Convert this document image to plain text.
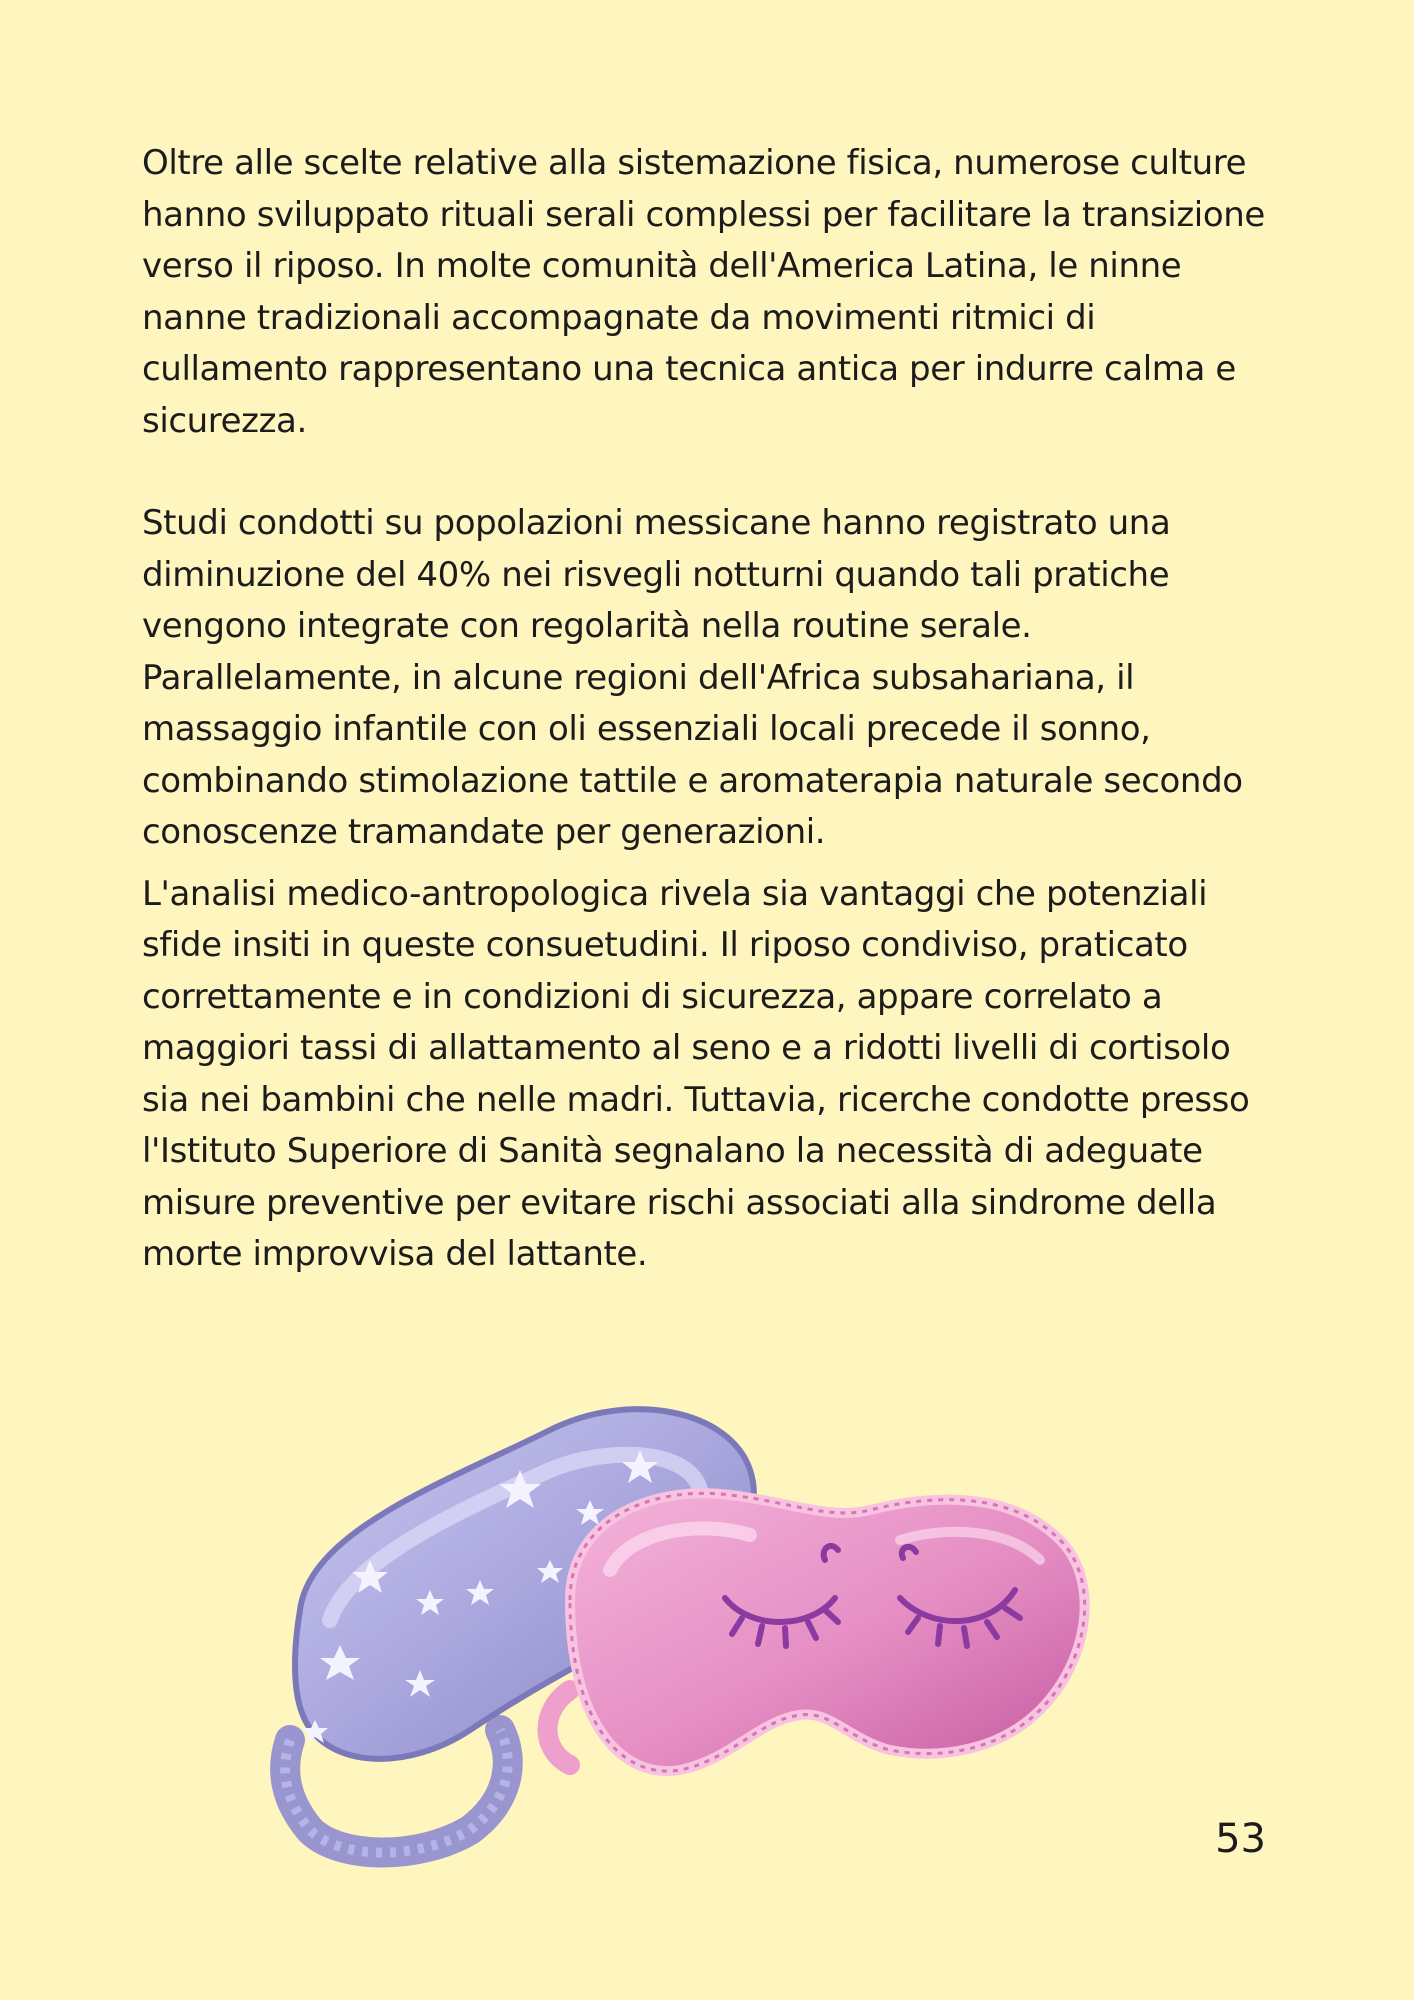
Oltre alle scelte relative alla sistemazione fisica, numerose culture hanno sviluppato rituali serali complessi per facilitare la transizione verso il riposo. In molte comunità dell'America Latina, le ninne nanne tradizionali accompagnate da movimenti ritmici di cullamento rappresentano una tecnica antica per indurre calma e sicurezza.

Studi condotti su popolazioni messicane hanno registrato una diminuzione del 40% nei risvegli notturni quando tali pratiche vengono integrate con regolarità nella routine serale. Parallelamente, in alcune regioni dell'Africa subsahariana, il massaggio infantile con oli essenziali locali precede il sonno, combinando stimolazione tattile e aromaterapia naturale secondo conoscenze tramandate per generazioni.

L'analisi medico-antropologica rivela sia vantaggi che potenziali sfide insiti in queste consuetudini. Il riposo condiviso, praticato correttamente e in condizioni di sicurezza, appare correlato a maggiori tassi di allattamento al seno e a ridotti livelli di cortisolo sia nei bambini che nelle madri. Tuttavia, ricerche condotte presso l'Istituto Superiore di Sanità segnalano la necessità di adeguate misure preventive per evitare rischi associati alla sindrome della morte improvvisa del lattante.

53
